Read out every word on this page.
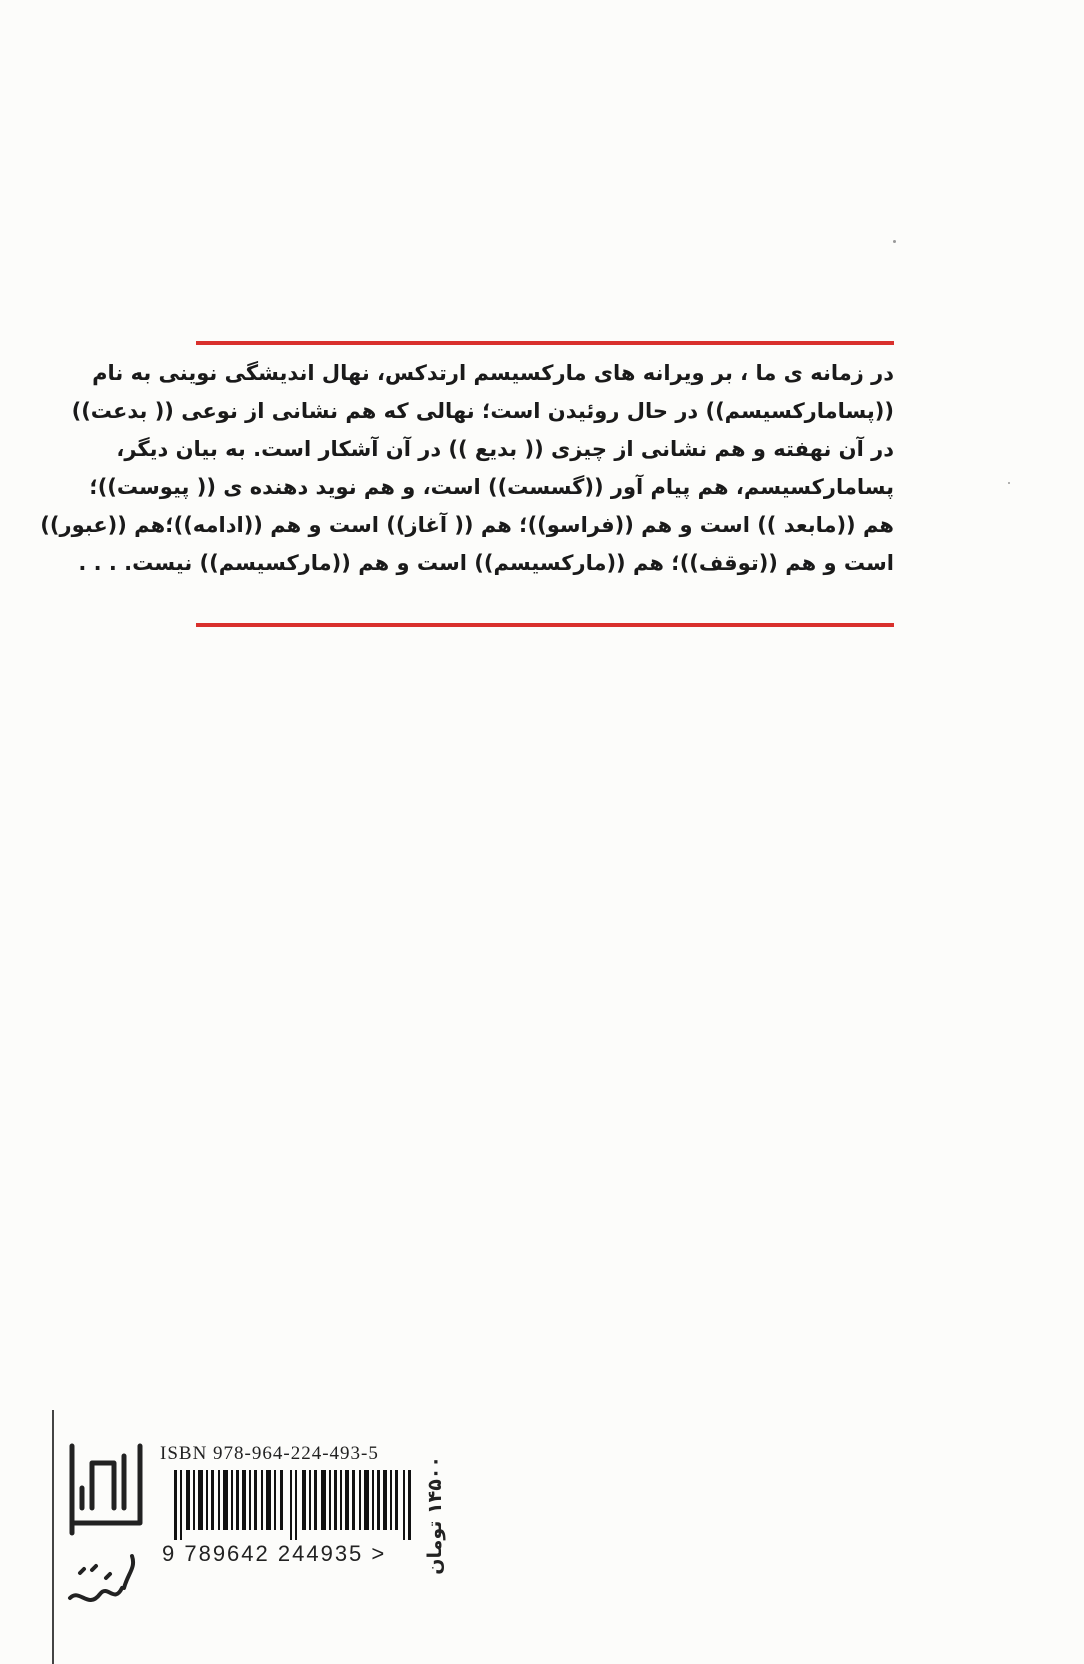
در زمانه ی ما ، بر ویرانه های مارکسیسم ارتدکس، نهال اندیشگی نوینی به نام
((پسامارکسیسم)) در حال روئیدن است؛ نهالی که هم نشانی از نوعی (( بدعت))
در آن نهفته و هم نشانی از چیزی (( بدیع )) در آن آشکار است. به بیان دیگر،
پسامارکسیسم، هم پیام آور ((گسست)) است، و هم نوید دهنده ی (( پیوست))؛
هم ((مابعد )) است و هم ((فراسو))؛ هم (( آغاز)) است و هم ((ادامه))؛هم ((عبور))
است و هم ((توقف))؛ هم ((مارکسیسم)) است و هم ((مارکسیسم)) نیست. . . .
ISBN 978-964-224-493-5
9 789642 244935 > ۱۴۵۰۰ تومان
